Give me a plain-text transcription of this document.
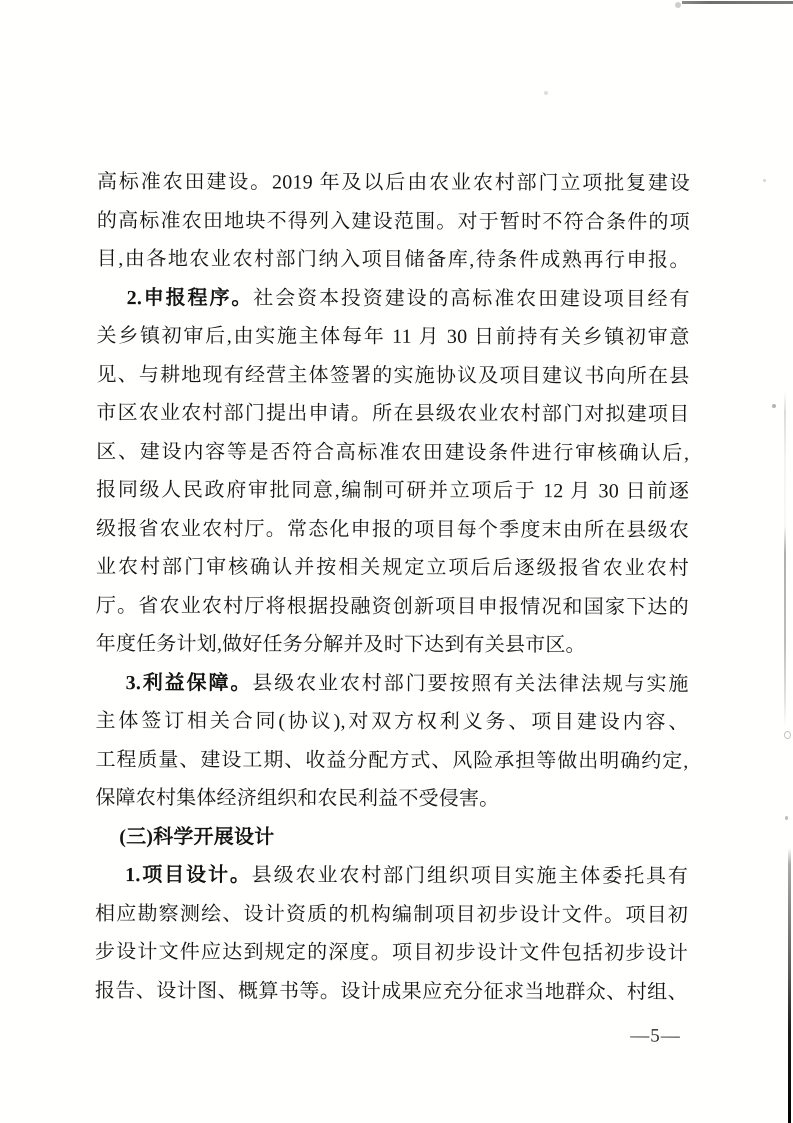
高标准农田建设。2019 年及以后由农业农村部门立项批复建设
的高标准农田地块不得列入建设范围。对于暂时不符合条件的项
目,由各地农业农村部门纳入项目储备库,待条件成熟再行申报。
2.申报程序。社会资本投资建设的高标准农田建设项目经有
关乡镇初审后,由实施主体每年 11 月 30 日前持有关乡镇初审意
见、与耕地现有经营主体签署的实施协议及项目建议书向所在县
市区农业农村部门提出申请。所在县级农业农村部门对拟建项目
区、建设内容等是否符合高标准农田建设条件进行审核确认后,
报同级人民政府审批同意,编制可研并立项后于 12 月 30 日前逐
级报省农业农村厅。常态化申报的项目每个季度末由所在县级农
业农村部门审核确认并按相关规定立项后后逐级报省农业农村
厅。省农业农村厅将根据投融资创新项目申报情况和国家下达的
年度任务计划,做好任务分解并及时下达到有关县市区。
3.利益保障。县级农业农村部门要按照有关法律法规与实施
主体签订相关合同(协议),对双方权利义务、项目建设内容、
工程质量、建设工期、收益分配方式、风险承担等做出明确约定,
保障农村集体经济组织和农民利益不受侵害。
(三)科学开展设计
1.项目设计。县级农业农村部门组织项目实施主体委托具有
相应勘察测绘、设计资质的机构编制项目初步设计文件。项目初
步设计文件应达到规定的深度。项目初步设计文件包括初步设计
报告、设计图、概算书等。设计成果应充分征求当地群众、村组、
—5—
